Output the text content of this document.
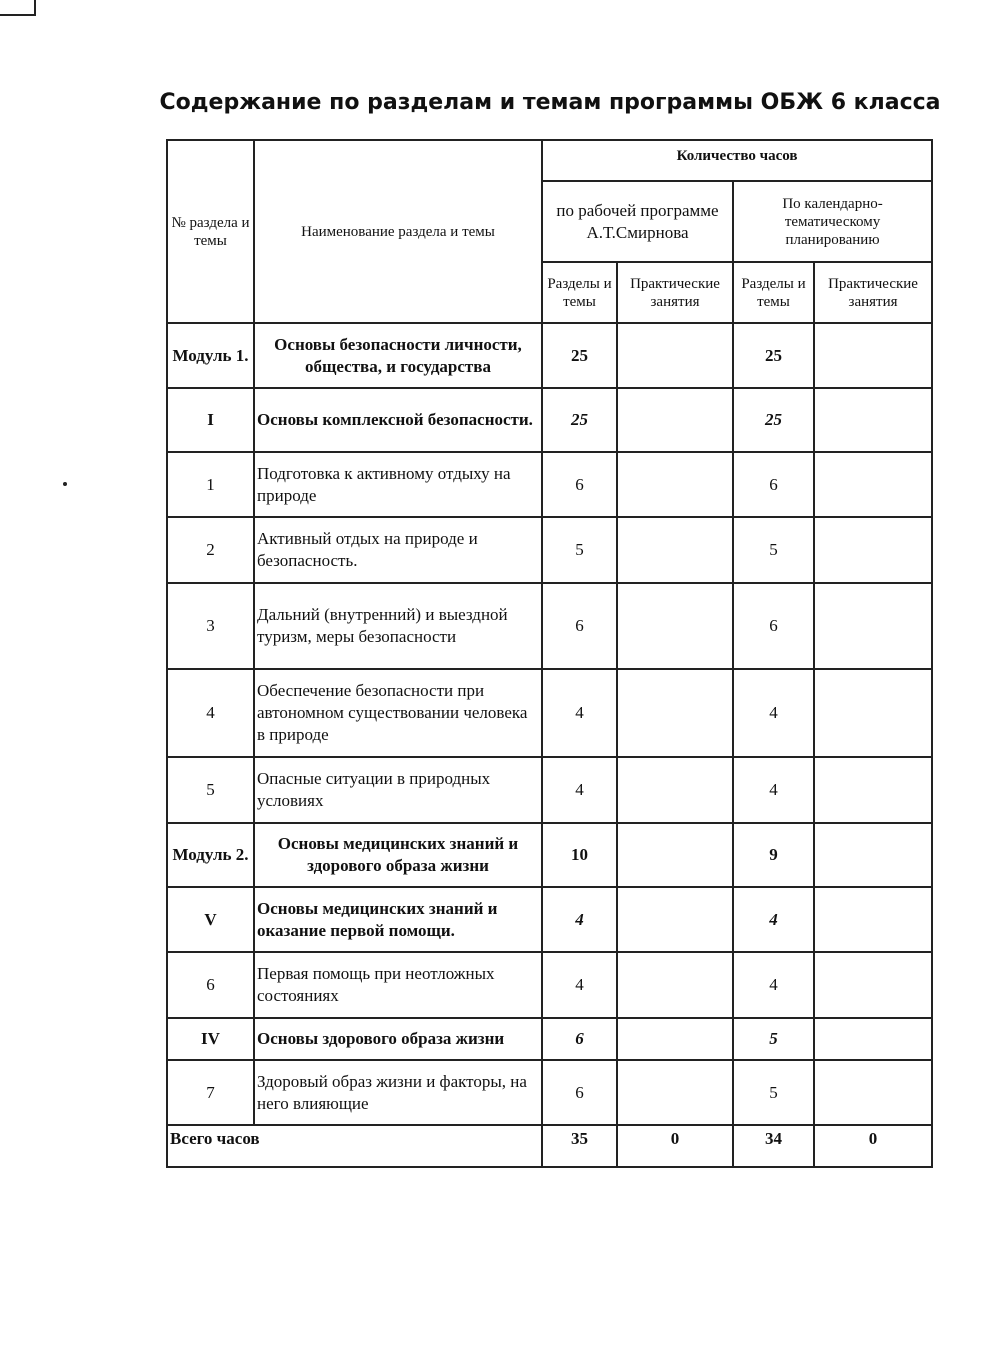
Содержание по разделам и темам программы ОБЖ 6 класса
№ раздела и темы	Наименование раздела и темы	Количество часов			
		по рабочей программе А.Т.Смирнова		По календарно-тематическому планированию	
		Разделы и темы	Практические занятия	Разделы и темы	Практические занятия
Модуль 1.	Основы безопасности личности, общества, и государства	25		25	
I	Основы комплексной безопасности.	25		25	
1	Подготовка к активному отдыху на природе	6		6	
2	Активный отдых на природе и безопасность.	5		5	
3	Дальний (внутренний) и выездной туризм, меры безопасности	6		6	
4	Обеспечение безопасности при автономном существовании человека в природе	4		4	
5	Опасные ситуации в природных условиях	4		4	
Модуль 2.	Основы медицинских знаний и здорового образа жизни	10		9	
V	Основы медицинских знаний и оказание первой помощи.	4		4	
6	Первая помощь при неотложных состояниях	4		4	
IV	Основы здорового образа жизни	6		5	
7	Здоровый образ жизни и факторы, на него влияющие	6		5	
Всего часов		35	0	34	0
